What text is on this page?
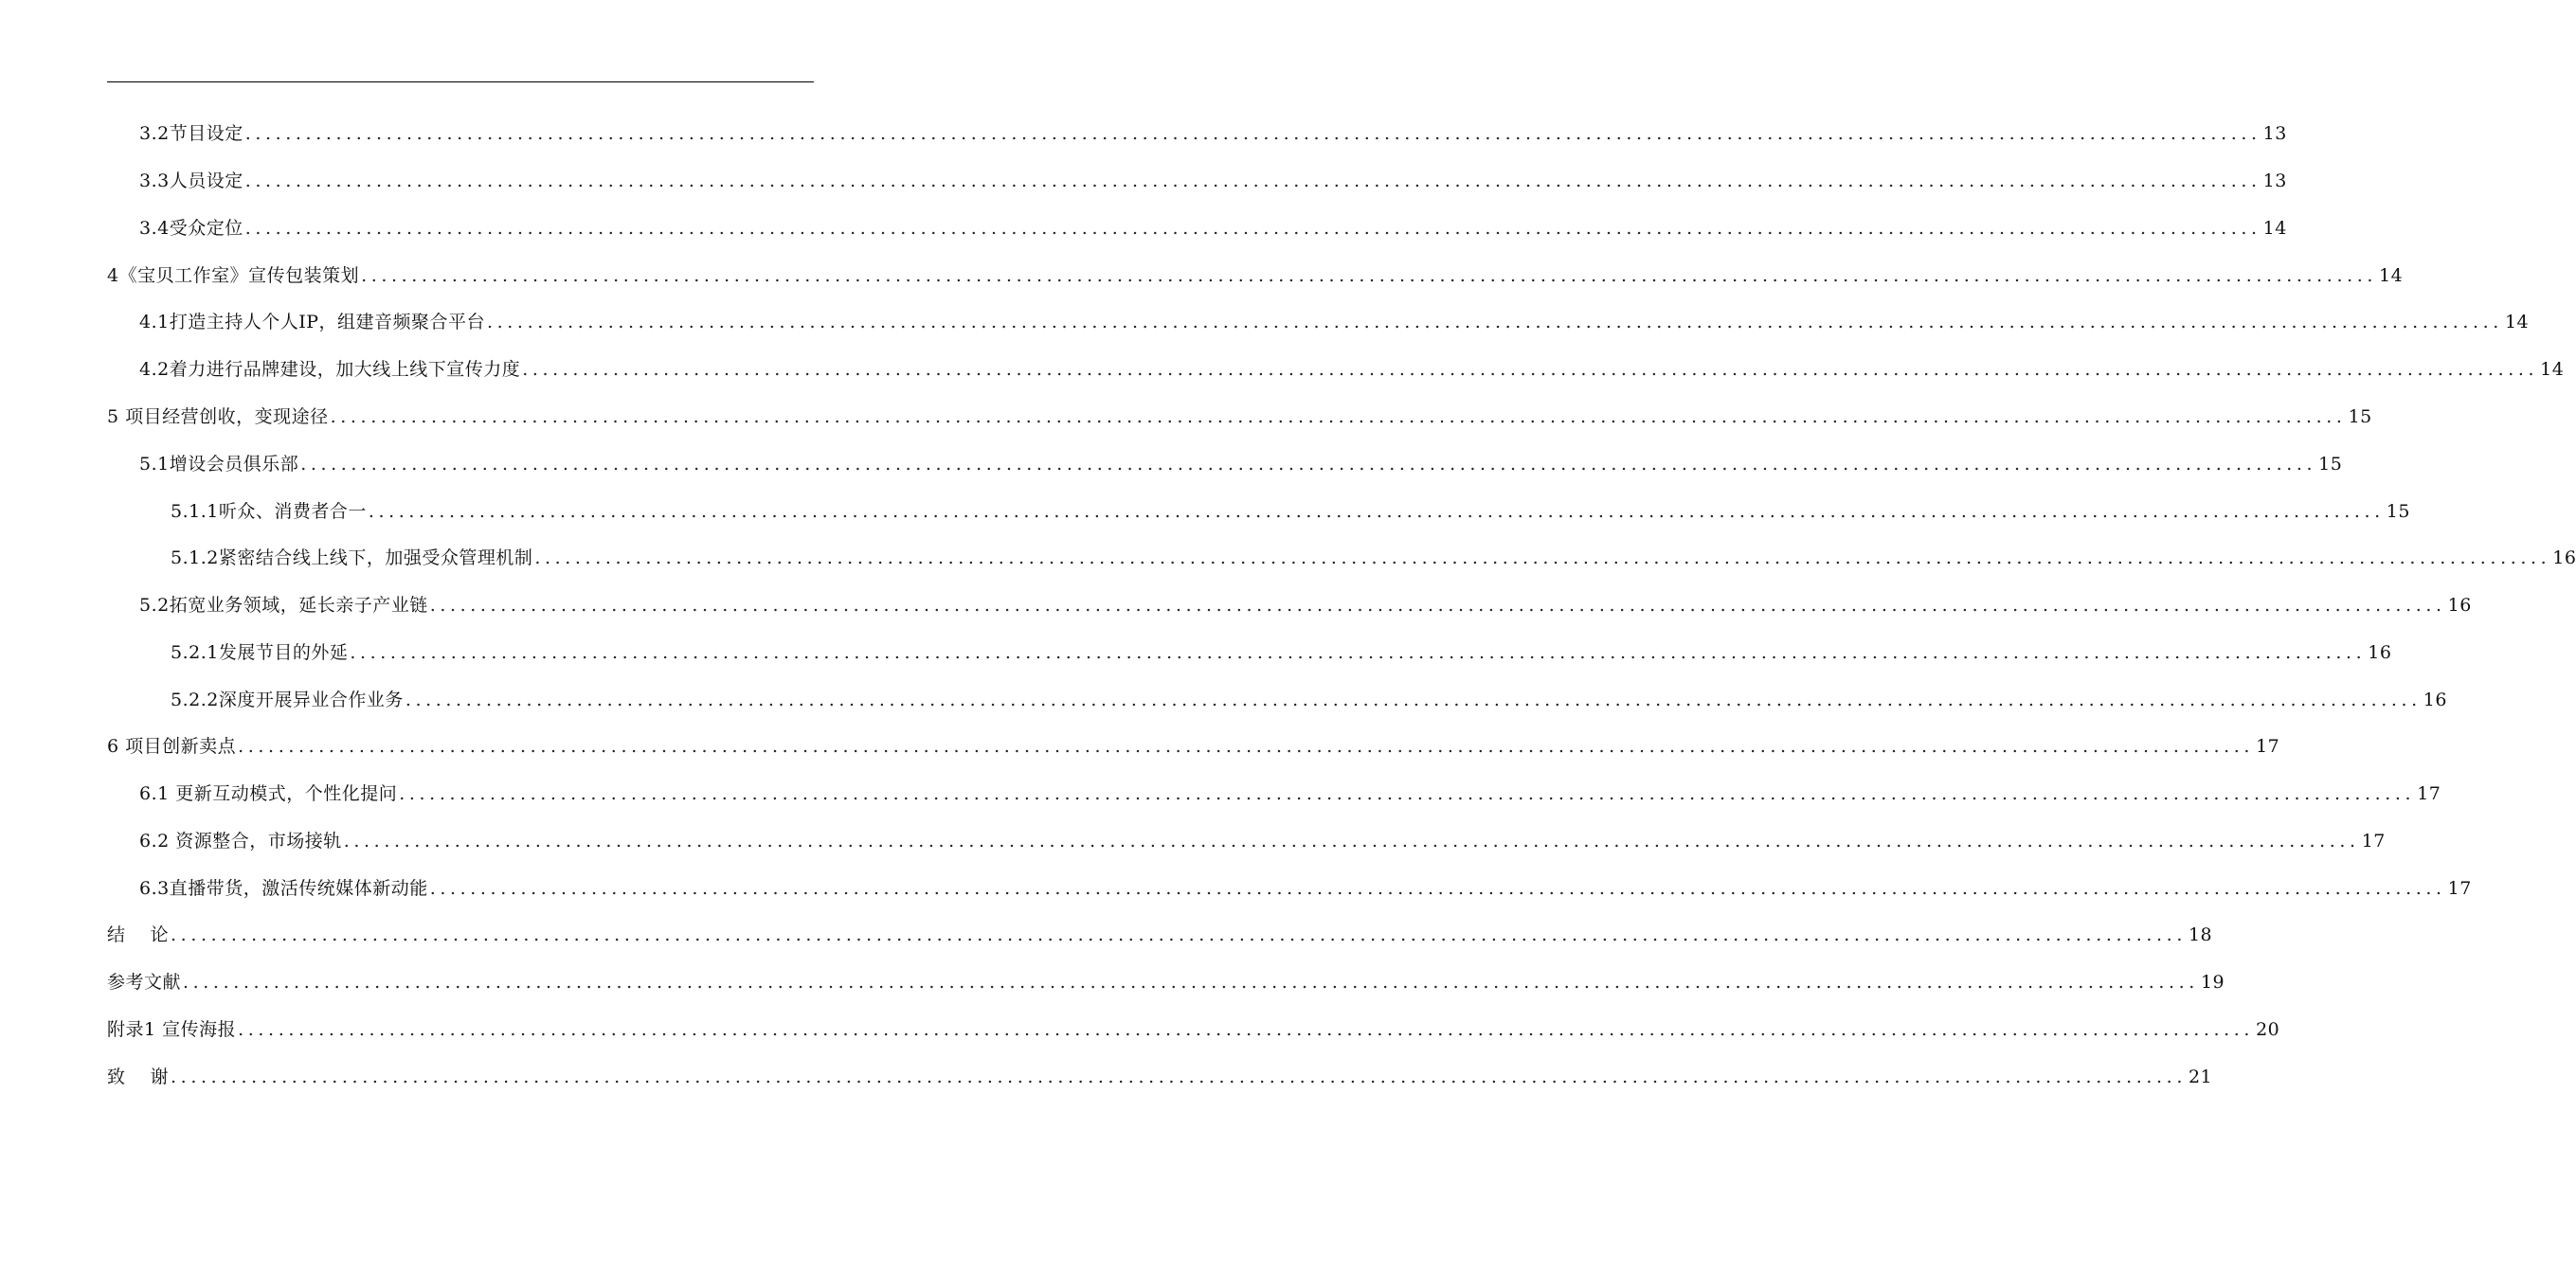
3.2节目设定 ........................................................................................................................................................................................................ 13
3.3人员设定 ........................................................................................................................................................................................................ 13
3.4受众定位 ........................................................................................................................................................................................................ 14
4《宝贝工作室》宣传包装策划 ........................................................................................................................................................................................................ 14
4.1打造主持人个人IP，组建音频聚合平台 ........................................................................................................................................................................................................ 14
4.2着力进行品牌建设，加大线上线下宣传力度 ........................................................................................................................................................................................................ 14
5 项目经营创收，变现途径 ........................................................................................................................................................................................................ 15
5.1增设会员俱乐部 ........................................................................................................................................................................................................ 15
5.1.1听众、消费者合一 ........................................................................................................................................................................................................ 15
5.1.2紧密结合线上线下，加强受众管理机制 ........................................................................................................................................................................................................ 16
5.2拓宽业务领域，延长亲子产业链 ........................................................................................................................................................................................................ 16
5.2.1发展节目的外延 ........................................................................................................................................................................................................ 16
5.2.2深度开展异业合作业务 ........................................................................................................................................................................................................ 16
6 项目创新卖点 ........................................................................................................................................................................................................ 17
6.1 更新互动模式，个性化提问 ........................................................................................................................................................................................................ 17
6.2 资源整合，市场接轨 ........................................................................................................................................................................................................ 17
6.3直播带货，激活传统媒体新动能 ........................................................................................................................................................................................................ 17
结　 论 ........................................................................................................................................................................................................ 18
参考文献 ........................................................................................................................................................................................................ 19
附录1 宣传海报 ........................................................................................................................................................................................................ 20
致　 谢 ........................................................................................................................................................................................................ 21
